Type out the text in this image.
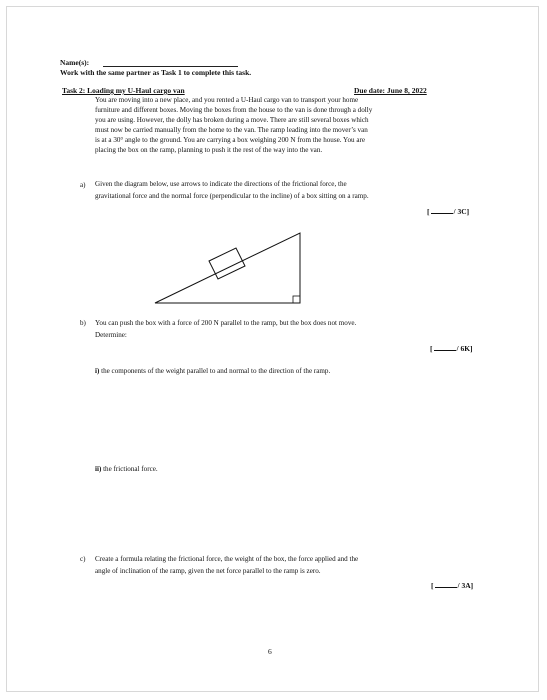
Name(s):
Work with the same partner as Task 1 to complete this task.
Task 2: Loading my U-Haul cargo van	Due date: June 8, 2022
You are moving into a new place, and you rented a U-Haul cargo van to transport your home
furniture and different boxes. Moving the boxes from the house to the van is done through a dolly
you are using. However, the dolly has broken during a move. There are still several boxes which
must now be carried manually from the home to the van. The ramp leading into the mover’s van
is at a 30° angle to the ground. You are carrying a box weighing 200 N from the house. You are
placing the box on the ramp, planning to push it the rest of the way into the van.
a) Given the diagram below, use arrows to indicate the directions of the frictional force, the
gravitational force and the normal force (perpendicular to the incline) of a box sitting on a ramp.
[	/ 3C]
b) You can push the box with a force of 200 N parallel to the ramp, but the box does not move.
Determine:
[	/ 6K]
i) the components of the weight parallel to and normal to the direction of the ramp.
ii) the frictional force.
c) Create a formula relating the frictional force, the weight of the box, the force applied and the
angle of inclination of the ramp, given the net force parallel to the ramp is zero.
[	/ 3A]
6
